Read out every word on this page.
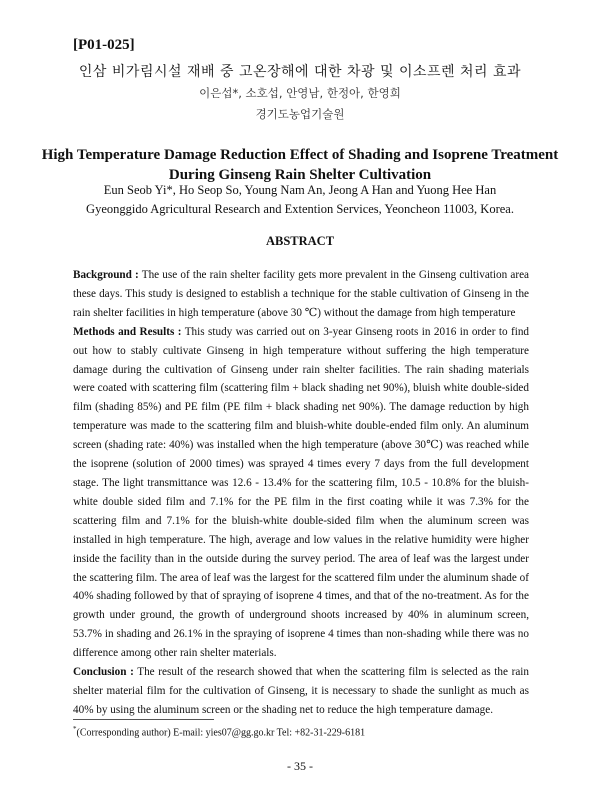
[P01-025]
인삼 비가림시설 재배 중 고온장해에 대한 차광 및 이소프렌 처리 효과
이은섭*, 소호섭, 안영남, 한정아, 한영희
경기도농업기술원
High Temperature Damage Reduction Effect of Shading and Isoprene Treatment
During Ginseng Rain Shelter Cultivation
Eun Seob Yi*, Ho Seop So, Young Nam An, Jeong A Han and Yuong Hee Han
Gyeonggido Agricultural Research and Extention Services, Yeoncheon 11003, Korea.
ABSTRACT

Background : The use of the rain shelter facility gets more prevalent in the Ginseng cultivation area these days. This study is designed to establish a technique for the stable cultivation of Ginseng in the rain shelter facilities in high temperature (above 30 ℃) without the damage from high temperature

Methods and Results : This study was carried out on 3-year Ginseng roots in 2016 in order to find out how to stably cultivate Ginseng in high temperature without suffering the high temperature damage during the cultivation of Ginseng under rain shelter facilities. The rain shading materials were coated with scattering film (scattering film + black shading net 90%), bluish white double-sided film (shading 85%) and PE film (PE film + black shading net 90%). The damage reduction by high temperature was made to the scattering film and bluish-white double-ended film only. An aluminum screen (shading rate: 40%) was installed when the high temperature (above 30℃) was reached while the isoprene (solution of 2000 times) was sprayed 4 times every 7 days from the full development stage. The light transmittance was 12.6 - 13.4% for the scattering film, 10.5 - 10.8% for the bluish-white double sided film and 7.1% for the PE film in the first coating while it was 7.3% for the scattering film and 7.1% for the bluish-white double-sided film when the aluminum screen was installed in high temperature. The high, average and low values in the relative humidity were higher inside the facility than in the outside during the survey period. The area of leaf was the largest under the scattering film. The area of leaf was the largest for the scattered film under the aluminum shade of 40% shading followed by that of spraying of isoprene 4 times, and that of the no-treatment. As for the growth under ground, the growth of underground shoots increased by 40% in aluminum screen, 53.7% in shading and 26.1% in the spraying of isoprene 4 times than non-shading while there was no difference among other rain shelter materials.

Conclusion : The result of the research showed that when the scattering film is selected as the rain shelter material film for the cultivation of Ginseng, it is necessary to shade the sunlight as much as 40% by using the aluminum screen or the shading net to reduce the high temperature damage.

*(Corresponding author) E-mail: yies07@gg.go.kr Tel: +82-31-229-6181
- 35 -
